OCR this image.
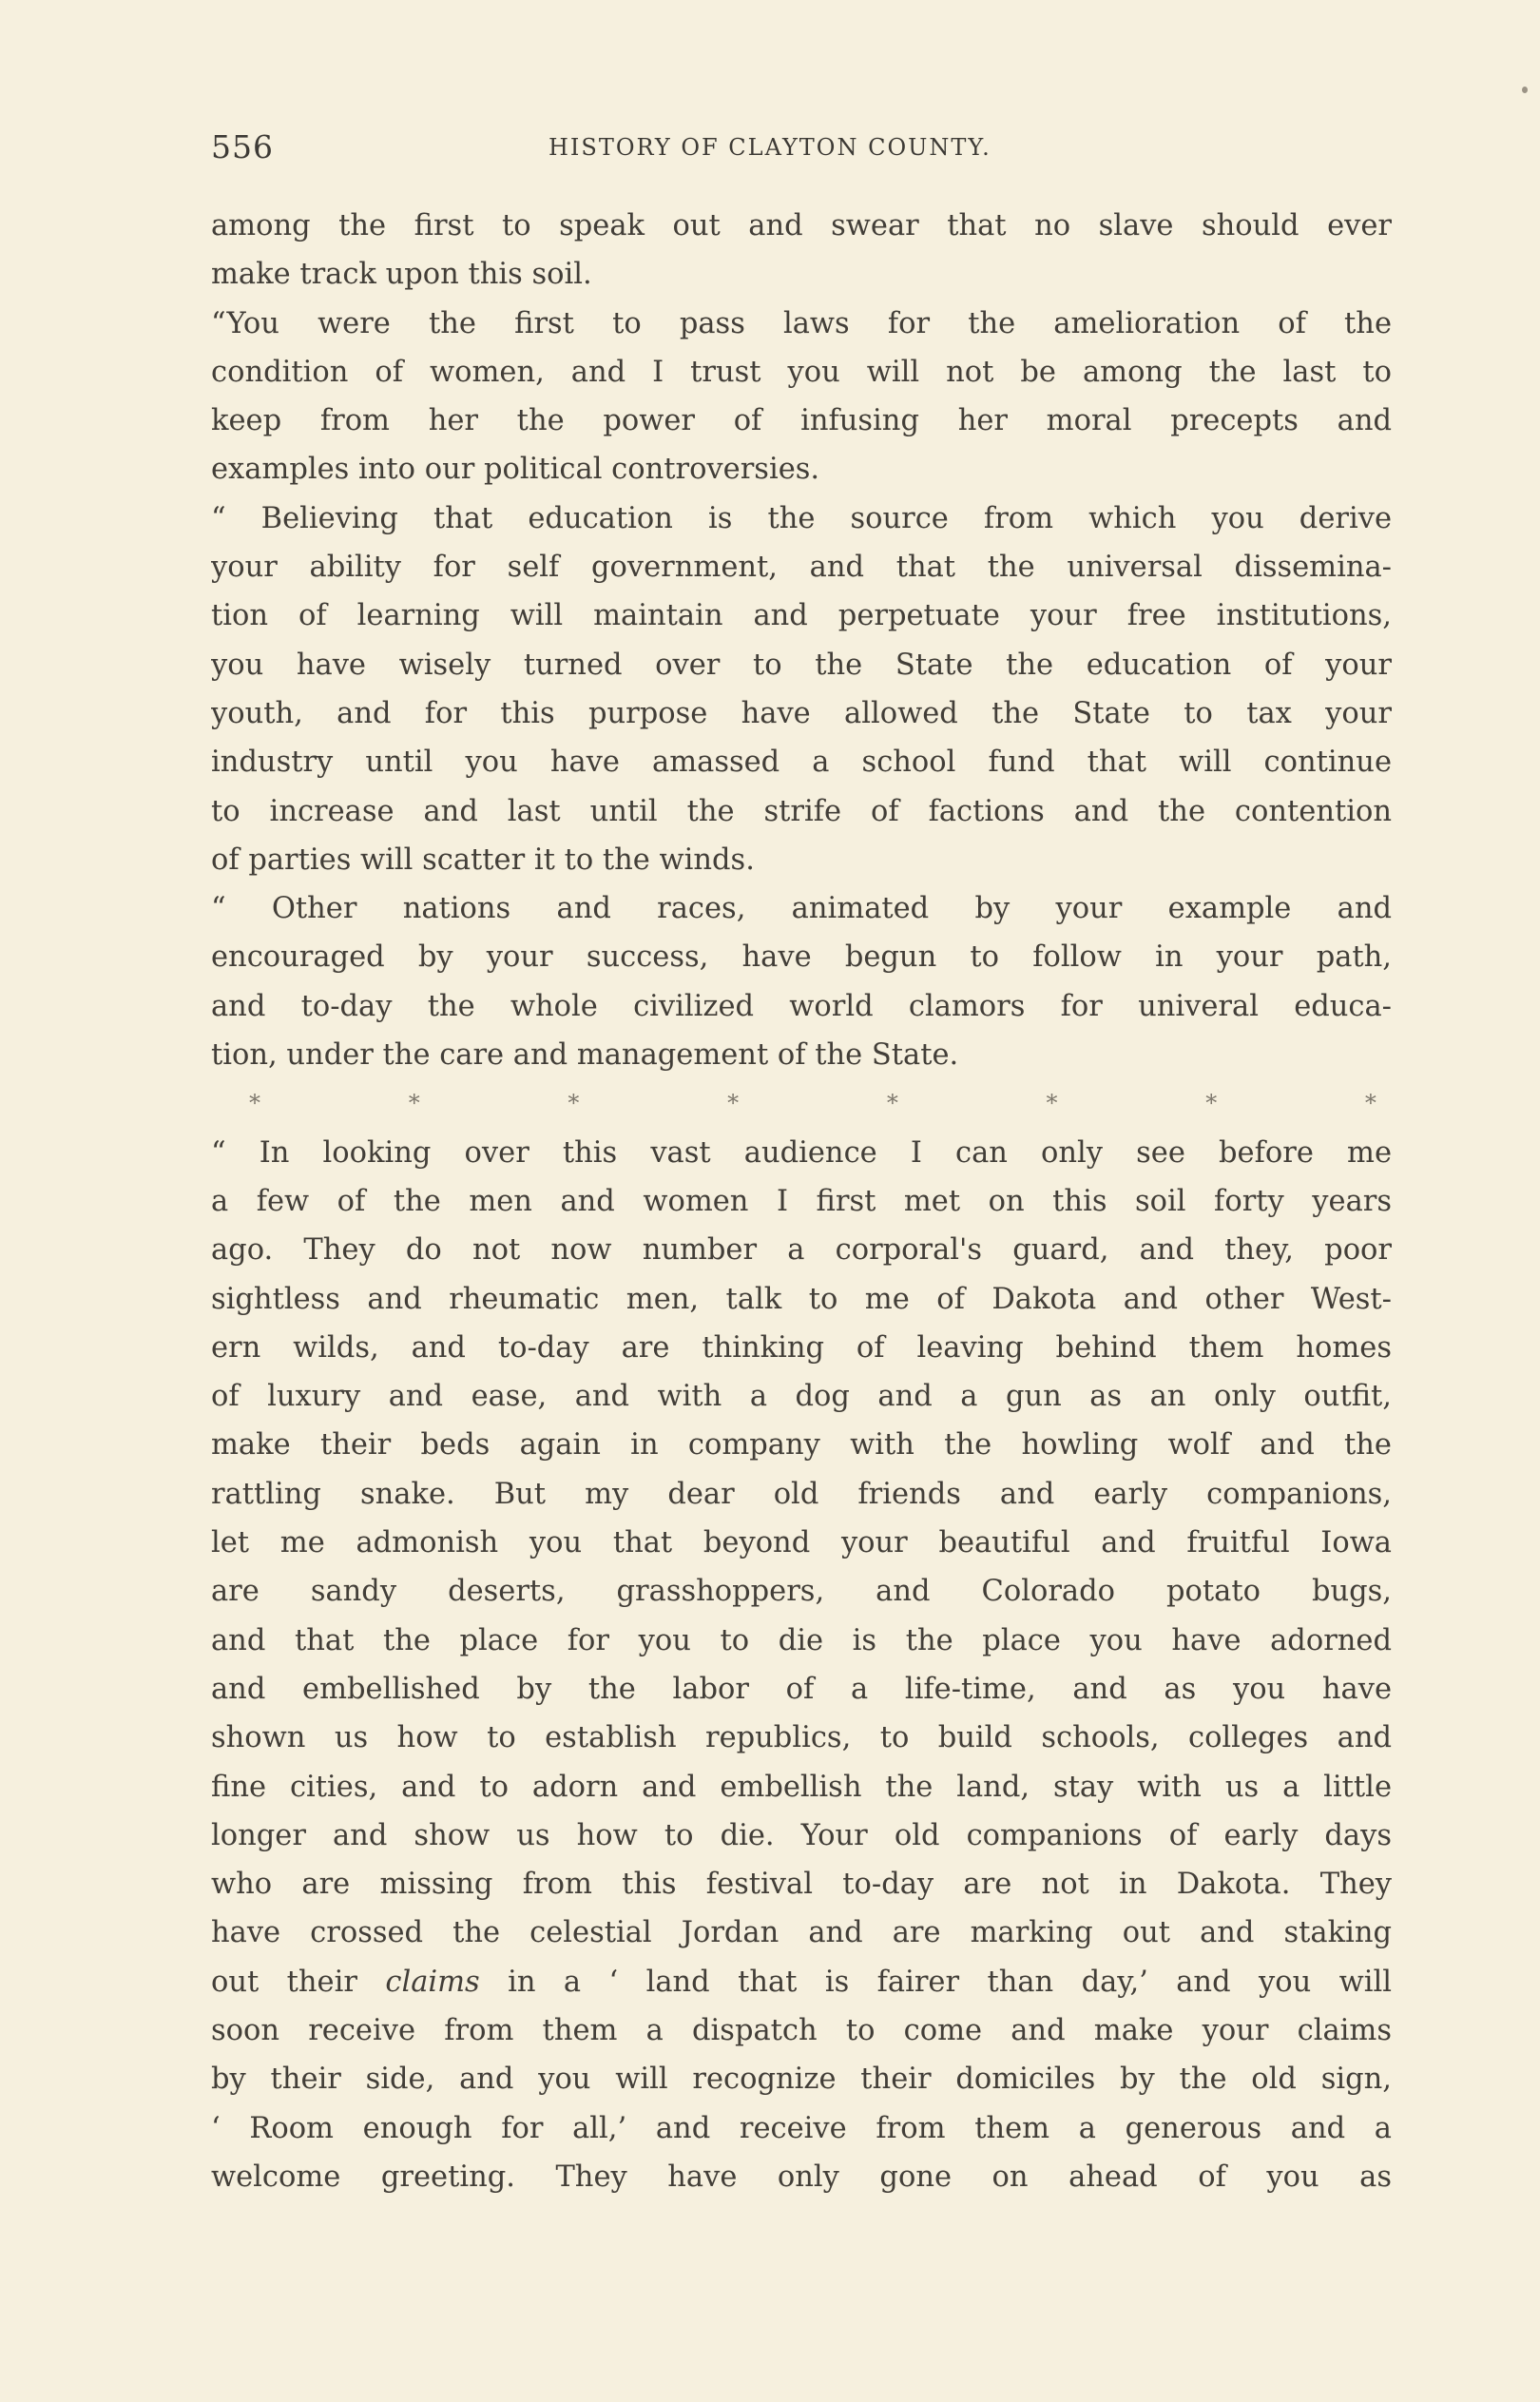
556	HISTORY OF CLAYTON COUNTY.
among the first to speak out and swear that no slave should ever
make track upon this soil.
“You were the first to pass laws for the amelioration of the
condition of women, and I trust you will not be among the last to
keep from her the power of infusing her moral precepts and
examples into our political controversies.
“ Believing that education is the source from which you derive
your ability for self government, and that the universal dissemina-
tion of learning will maintain and perpetuate your free institutions,
you have wisely turned over to the State the education of your
youth, and for this purpose have allowed the State to tax your
industry until you have amassed a school fund that will continue
to increase and last until the strife of factions and the contention
of parties will scatter it to the winds.
“ Other nations and races, animated by your example and
encouraged by your success, have begun to follow in your path,
and to-day the whole civilized world clamors for univeral educa-
tion, under the care and management of the State.
*	*	*	*	*	*	*	*
“ In looking over this vast audience I can only see before me
a few of the men and women I first met on this soil forty years
ago. They do not now number a corporal's guard, and they, poor
sightless and rheumatic men, talk to me of Dakota and other West-
ern wilds, and to-day are thinking of leaving behind them homes
of luxury and ease, and with a dog and a gun as an only outfit,
make their beds again in company with the howling wolf and the
rattling snake. But my dear old friends and early companions,
let me admonish you that beyond your beautiful and fruitful Iowa
are sandy deserts, grasshoppers, and Colorado potato bugs,
and that the place for you to die is the place you have adorned
and embellished by the labor of a life-time, and as you have
shown us how to establish republics, to build schools, colleges and
fine cities, and to adorn and embellish the land, stay with us a little
longer and show us how to die. Your old companions of early days
who are missing from this festival to-day are not in Dakota. They
have crossed the celestial Jordan and are marking out and staking
out their claims in a ‘ land that is fairer than day,’ and you will
soon receive from them a dispatch to come and make your claims
by their side, and you will recognize their domiciles by the old sign,
‘ Room enough for all,’ and receive from them a generous and a
welcome greeting. They have only gone on ahead of you as
